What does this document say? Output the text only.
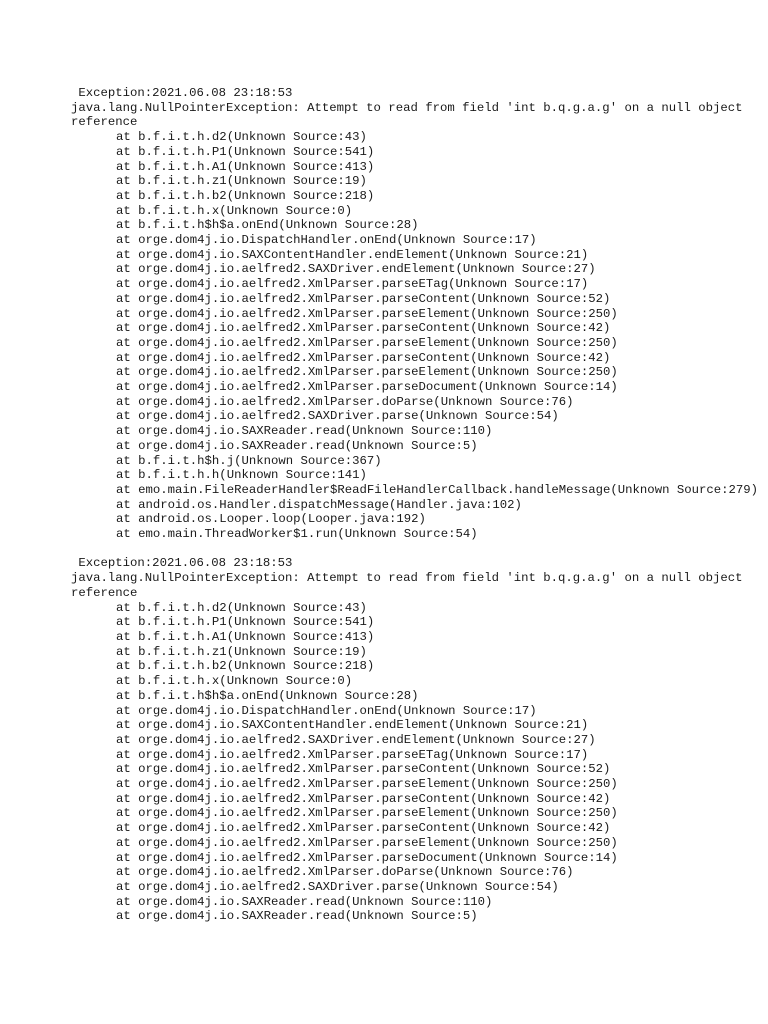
Exception:2021.06.08 23:18:53
java.lang.NullPointerException: Attempt to read from field 'int b.q.g.a.g' on a null object reference
at b.f.i.t.h.d2(Unknown Source:43)
at b.f.i.t.h.P1(Unknown Source:541)
at b.f.i.t.h.A1(Unknown Source:413)
at b.f.i.t.h.z1(Unknown Source:19)
at b.f.i.t.h.b2(Unknown Source:218)
at b.f.i.t.h.x(Unknown Source:0)
at b.f.i.t.h$h$a.onEnd(Unknown Source:28)
at orge.dom4j.io.DispatchHandler.onEnd(Unknown Source:17)
at orge.dom4j.io.SAXContentHandler.endElement(Unknown Source:21)
at orge.dom4j.io.aelfred2.SAXDriver.endElement(Unknown Source:27)
at orge.dom4j.io.aelfred2.XmlParser.parseETag(Unknown Source:17)
at orge.dom4j.io.aelfred2.XmlParser.parseContent(Unknown Source:52)
at orge.dom4j.io.aelfred2.XmlParser.parseElement(Unknown Source:250)
at orge.dom4j.io.aelfred2.XmlParser.parseContent(Unknown Source:42)
at orge.dom4j.io.aelfred2.XmlParser.parseElement(Unknown Source:250)
at orge.dom4j.io.aelfred2.XmlParser.parseContent(Unknown Source:42)
at orge.dom4j.io.aelfred2.XmlParser.parseElement(Unknown Source:250)
at orge.dom4j.io.aelfred2.XmlParser.parseDocument(Unknown Source:14)
at orge.dom4j.io.aelfred2.XmlParser.doParse(Unknown Source:76)
at orge.dom4j.io.aelfred2.SAXDriver.parse(Unknown Source:54)
at orge.dom4j.io.SAXReader.read(Unknown Source:110)
at orge.dom4j.io.SAXReader.read(Unknown Source:5)
at b.f.i.t.h$h.j(Unknown Source:367)
at b.f.i.t.h.h(Unknown Source:141)
at emo.main.FileReaderHandler$ReadFileHandlerCallback.handleMessage(Unknown Source:279)
at android.os.Handler.dispatchMessage(Handler.java:102)
at android.os.Looper.loop(Looper.java:192)
at emo.main.ThreadWorker$1.run(Unknown Source:54)
Exception:2021.06.08 23:18:53
java.lang.NullPointerException: Attempt to read from field 'int b.q.g.a.g' on a null object reference
at b.f.i.t.h.d2(Unknown Source:43)
at b.f.i.t.h.P1(Unknown Source:541)
at b.f.i.t.h.A1(Unknown Source:413)
at b.f.i.t.h.z1(Unknown Source:19)
at b.f.i.t.h.b2(Unknown Source:218)
at b.f.i.t.h.x(Unknown Source:0)
at b.f.i.t.h$h$a.onEnd(Unknown Source:28)
at orge.dom4j.io.DispatchHandler.onEnd(Unknown Source:17)
at orge.dom4j.io.SAXContentHandler.endElement(Unknown Source:21)
at orge.dom4j.io.aelfred2.SAXDriver.endElement(Unknown Source:27)
at orge.dom4j.io.aelfred2.XmlParser.parseETag(Unknown Source:17)
at orge.dom4j.io.aelfred2.XmlParser.parseContent(Unknown Source:52)
at orge.dom4j.io.aelfred2.XmlParser.parseElement(Unknown Source:250)
at orge.dom4j.io.aelfred2.XmlParser.parseContent(Unknown Source:42)
at orge.dom4j.io.aelfred2.XmlParser.parseElement(Unknown Source:250)
at orge.dom4j.io.aelfred2.XmlParser.parseContent(Unknown Source:42)
at orge.dom4j.io.aelfred2.XmlParser.parseElement(Unknown Source:250)
at orge.dom4j.io.aelfred2.XmlParser.parseDocument(Unknown Source:14)
at orge.dom4j.io.aelfred2.XmlParser.doParse(Unknown Source:76)
at orge.dom4j.io.aelfred2.SAXDriver.parse(Unknown Source:54)
at orge.dom4j.io.SAXReader.read(Unknown Source:110)
at orge.dom4j.io.SAXReader.read(Unknown Source:5)
